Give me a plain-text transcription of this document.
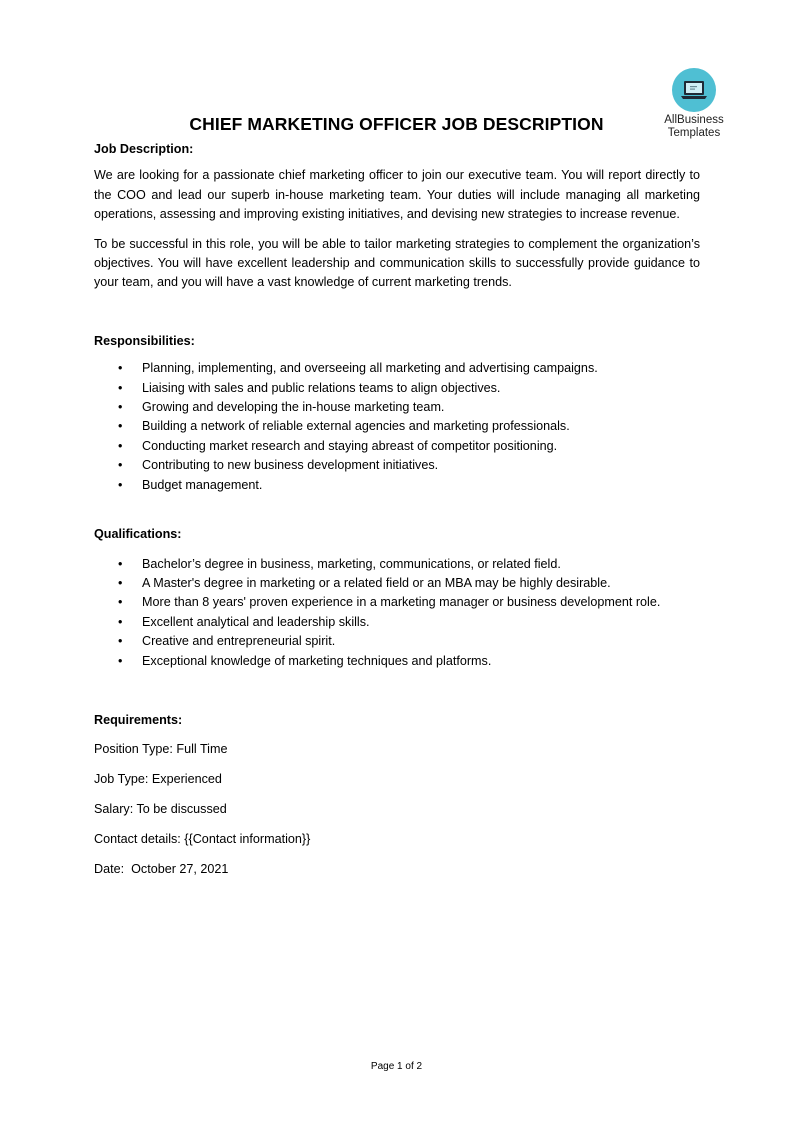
AllBusiness
Templates
CHIEF MARKETING OFFICER JOB DESCRIPTION

Job Description:

We are looking for a passionate chief marketing officer to join our executive team. You will report directly to the COO and lead our superb in-house marketing team. Your duties will include managing all marketing operations, assessing and improving existing initiatives, and devising new strategies to increase revenue.

To be successful in this role, you will be able to tailor marketing strategies to complement the organization’s objectives. You will have excellent leadership and communication skills to successfully provide guidance to your team, and you will have a vast knowledge of current marketing trends.

Responsibilities:

• Planning, implementing, and overseeing all marketing and advertising campaigns.
• Liaising with sales and public relations teams to align objectives.
• Growing and developing the in-house marketing team.
• Building a network of reliable external agencies and marketing professionals.
• Conducting market research and staying abreast of competitor positioning.
• Contributing to new business development initiatives.
• Budget management.

Qualifications:

• Bachelor’s degree in business, marketing, communications, or related field.
• A Master's degree in marketing or a related field or an MBA may be highly desirable.
• More than 8 years' proven experience in a marketing manager or business development role.
• Excellent analytical and leadership skills.
• Creative and entrepreneurial spirit.
• Exceptional knowledge of marketing techniques and platforms.

Requirements:

Position Type: Full Time

Job Type: Experienced

Salary: To be discussed

Contact details: {{Contact information}}

Date:  October 27, 2021

Page 1 of 2
